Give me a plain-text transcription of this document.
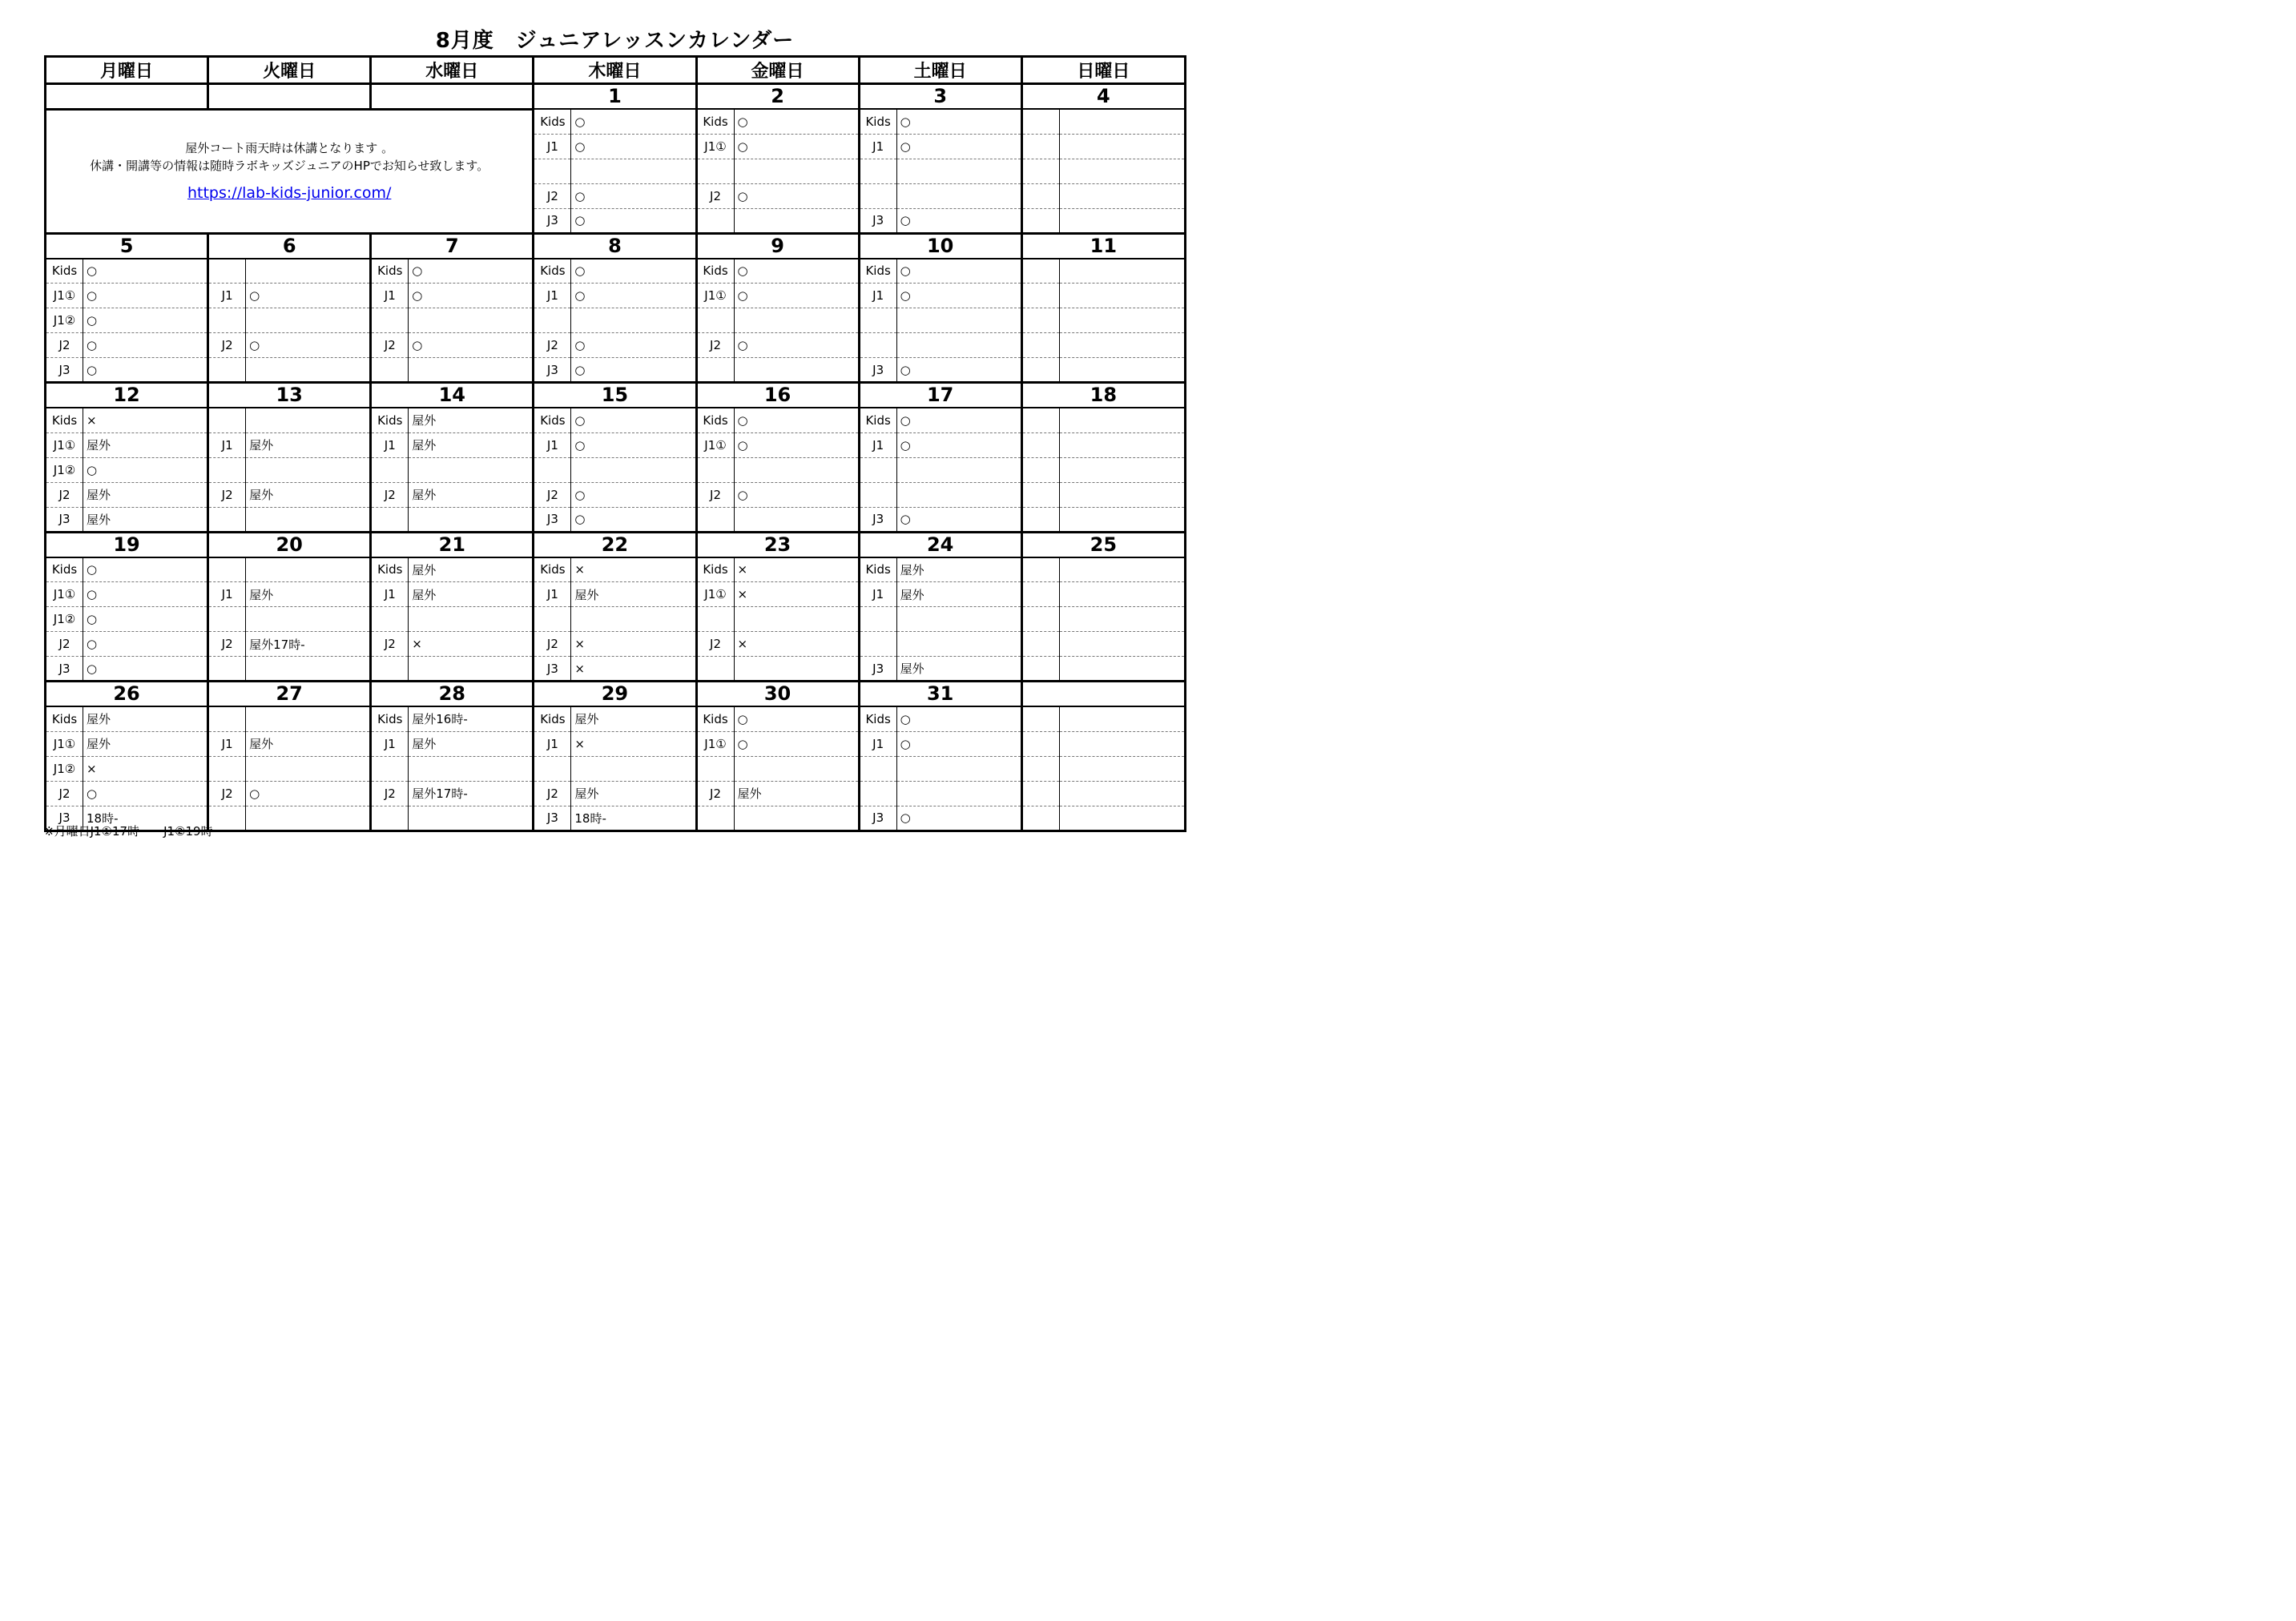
8月度　ジュニアレッスンカレンダー
月曜日		火曜日		水曜日		木曜日		金曜日		土曜日		日曜日	
						1		2		3		4	

屋外コート雨天時は休講となります 。
休講・開講等の情報は随時ラボキッズジュニアのHPでお知らせ致します。
https://lab-kids-junior.com/						Kids	○	Kids	○	Kids	○		
						J1	○	J1①	○	J1	○		

						J2	○	J2	○				
						J3	○			J3	○		
5		6		7		8		9		10		11	
Kids	○			Kids	○	Kids	○	Kids	○	Kids	○		
J1①	○	J1	○	J1	○	J1	○	J1①	○	J1	○		
J1②	○												
J2	○	J2	○	J2	○	J2	○	J2	○				
J3	○					J3	○			J3	○		
12		13		14		15		16		17		18	
Kids	×			Kids	屋外	Kids	○	Kids	○	Kids	○		
J1①	屋外	J1	屋外	J1	屋外	J1	○	J1①	○	J1	○		
J1②	○												
J2	屋外	J2	屋外	J2	屋外	J2	○	J2	○				
J3	屋外					J3	○			J3	○		
19		20		21		22		23		24		25	
Kids	○			Kids	屋外	Kids	×	Kids	×	Kids	屋外		
J1①	○	J1	屋外	J1	屋外	J1	屋外	J1①	×	J1	屋外		
J1②	○												
J2	○	J2	屋外17時-	J2	×	J2	×	J2	×				
J3	○					J3	×			J3	屋外		
26		27		28		29		30		31			
Kids	屋外			Kids	屋外16時-	Kids	屋外	Kids	○	Kids	○		
J1①	屋外	J1	屋外	J1	屋外	J1	×	J1①	○	J1	○		
J1②	×												
J2	○	J2	○	J2	屋外17時-	J2	屋外	J2	屋外				
J3	18時-					J3	18時-			J3	○		
※月曜日J1①17時～　J1②19時～
